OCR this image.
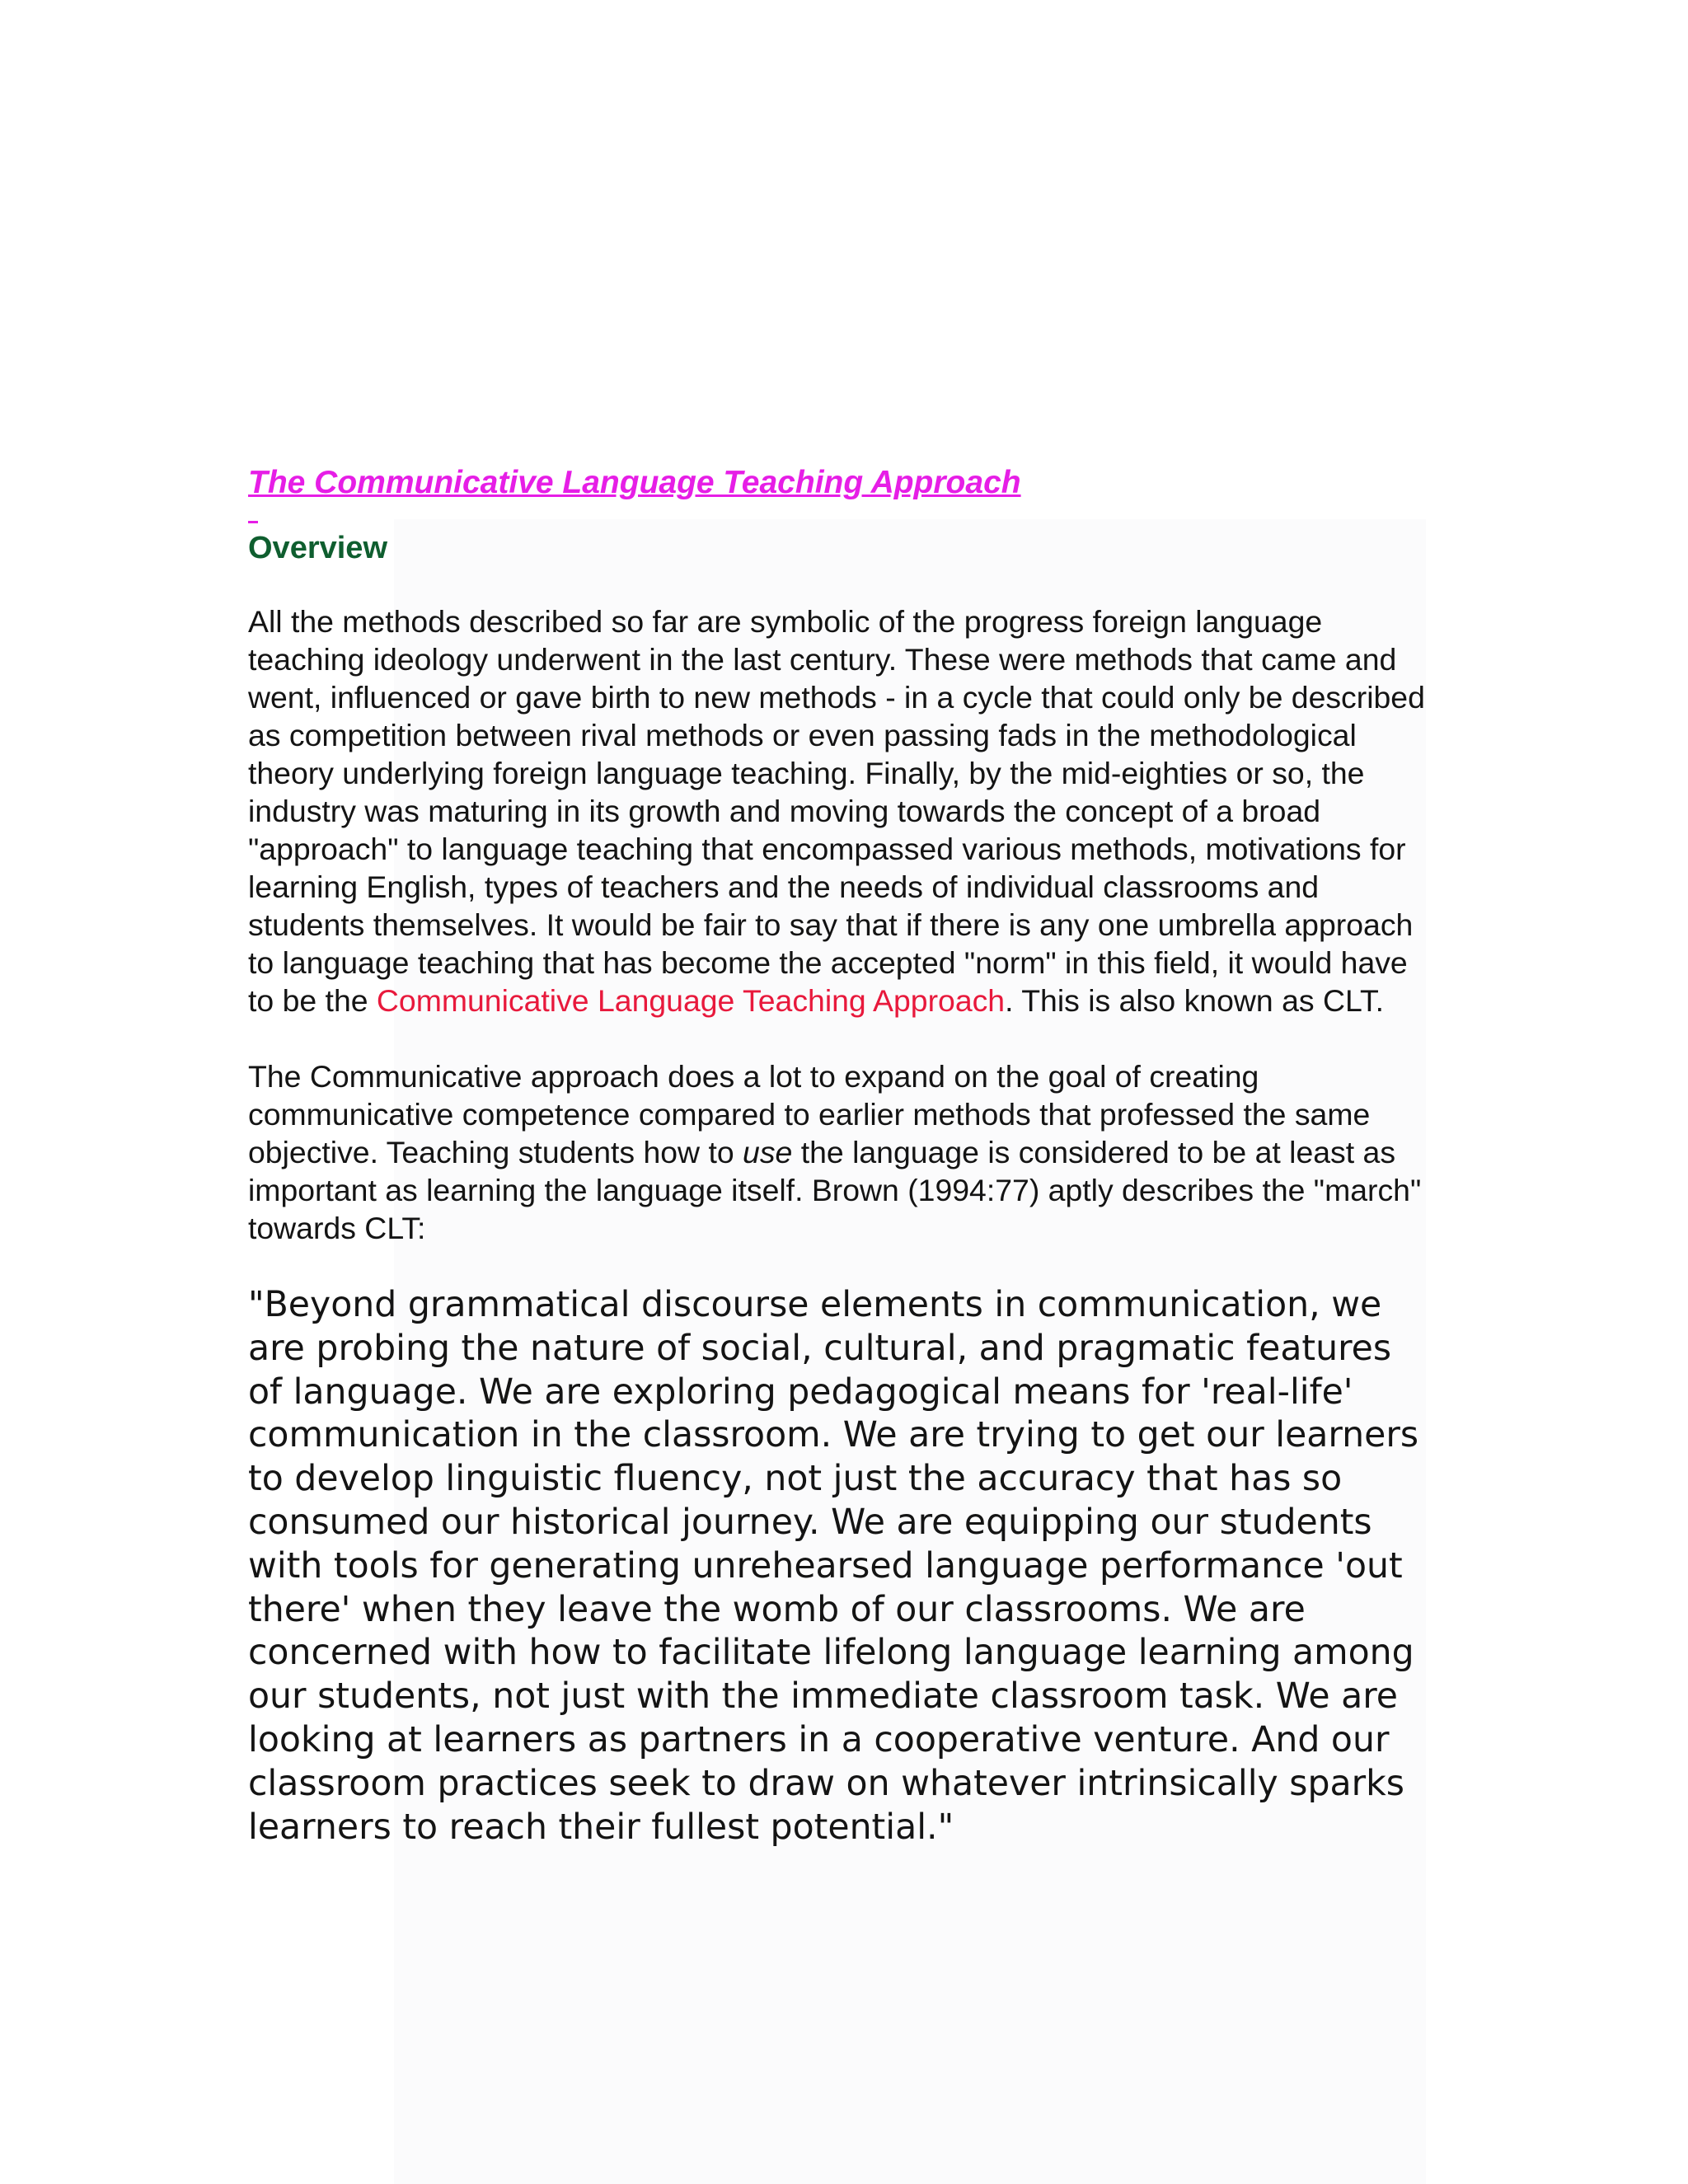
The Communicative Language Teaching Approach
Overview

All the methods described so far are symbolic of the progress foreign language teaching ideology underwent in the last century. These were methods that came and went, influenced or gave birth to new methods - in a cycle that could only be described as competition between rival methods or even passing fads in the methodological theory underlying foreign language teaching. Finally, by the mid-eighties or so, the industry was maturing in its growth and moving towards the concept of a broad "approach" to language teaching that encompassed various methods, motivations for learning English, types of teachers and the needs of individual classrooms and students themselves. It would be fair to say that if there is any one umbrella approach to language teaching that has become the accepted "norm" in this field, it would have to be the Communicative Language Teaching Approach. This is also known as CLT.

The Communicative approach does a lot to expand on the goal of creating communicative competence compared to earlier methods that professed the same objective. Teaching students how to use the language is considered to be at least as important as learning the language itself. Brown (1994:77) aptly describes the "march" towards CLT:

"Beyond grammatical discourse elements in communication, we are probing the nature of social, cultural, and pragmatic features of language. We are exploring pedagogical means for 'real-life' communication in the classroom. We are trying to get our learners to develop linguistic fluency, not just the accuracy that has so consumed our historical journey. We are equipping our students with tools for generating unrehearsed language performance 'out there' when they leave the womb of our classrooms. We are concerned with how to facilitate lifelong language learning among our students, not just with the immediate classroom task. We are looking at learners as partners in a cooperative venture. And our classroom practices seek to draw on whatever intrinsically sparks learners to reach their fullest potential."
